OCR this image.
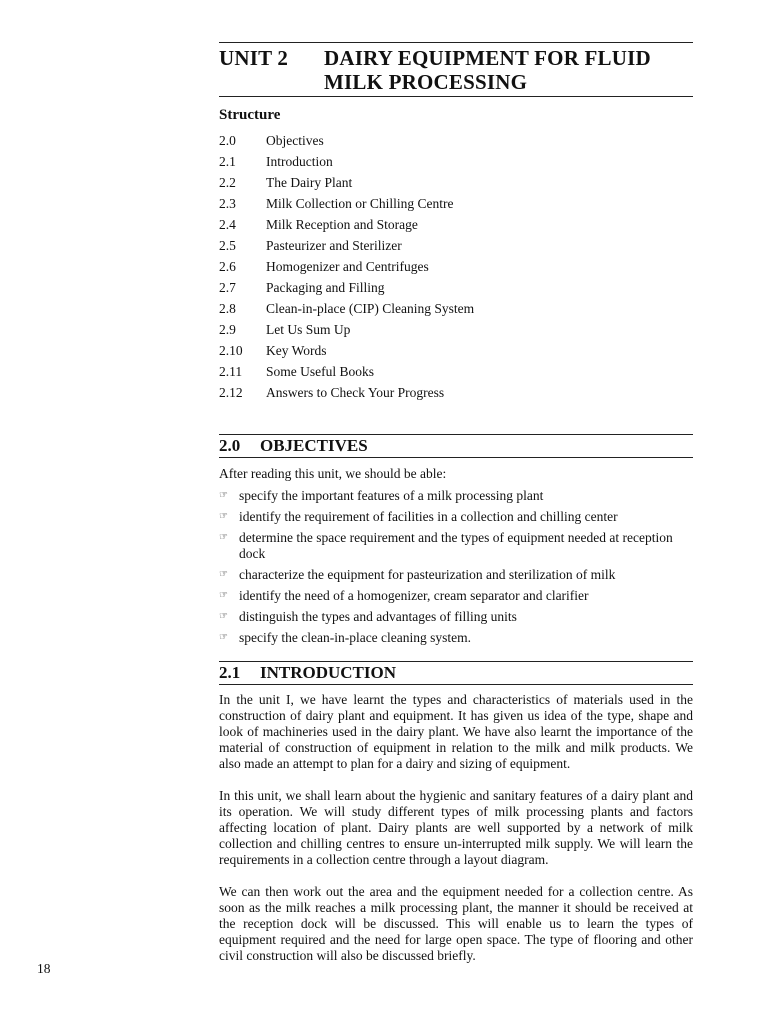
UNIT 2	DAIRY EQUIPMENT FOR FLUID
MILK PROCESSING
Structure
2.0	Objectives
2.1	Introduction
2.2	The Dairy Plant
2.3	Milk Collection or Chilling Centre
2.4	Milk Reception and Storage
2.5	Pasteurizer and Sterilizer
2.6	Homogenizer and Centrifuges
2.7	Packaging and Filling
2.8	Clean-in-place (CIP) Cleaning System
2.9	Let Us Sum Up
2.10	Key Words
2.11	Some Useful Books
2.12	Answers to Check Your Progress
2.0 OBJECTIVES

After reading this unit, we should be able:

☞ specify the important features of a milk processing plant
☞ identify the requirement of facilities in a collection and chilling center
☞ determine the space requirement and the types of equipment needed at reception dock
☞ characterize the equipment for pasteurization and sterilization of milk
☞ identify the need of a homogenizer, cream separator and clarifier
☞ distinguish the types and advantages of filling units
☞ specify the clean-in-place cleaning system.
2.1 INTRODUCTION

In the unit I, we have learnt the types and characteristics of materials used in the construction of dairy plant and equipment. It has given us idea of the type, shape and look of machineries used in the dairy plant. We have also learnt the importance of the material of construction of equipment in relation to the milk and milk products. We also made an attempt to plan for a dairy and sizing of equipment.

In this unit, we shall learn about the hygienic and sanitary features of a dairy plant and its operation. We will study different types of milk processing plants and factors affecting location of plant. Dairy plants are well supported by a network of milk collection and chilling centres to ensure un-interrupted milk supply. We will learn the requirements in a collection centre through a layout diagram.

We can then work out the area and the equipment needed for a collection centre. As soon as the milk reaches a milk processing plant, the manner it should be received at the reception dock will be discussed. This will enable us to learn the types of equipment required and the need for large open space. The type of flooring and other civil construction will also be discussed briefly.

18
